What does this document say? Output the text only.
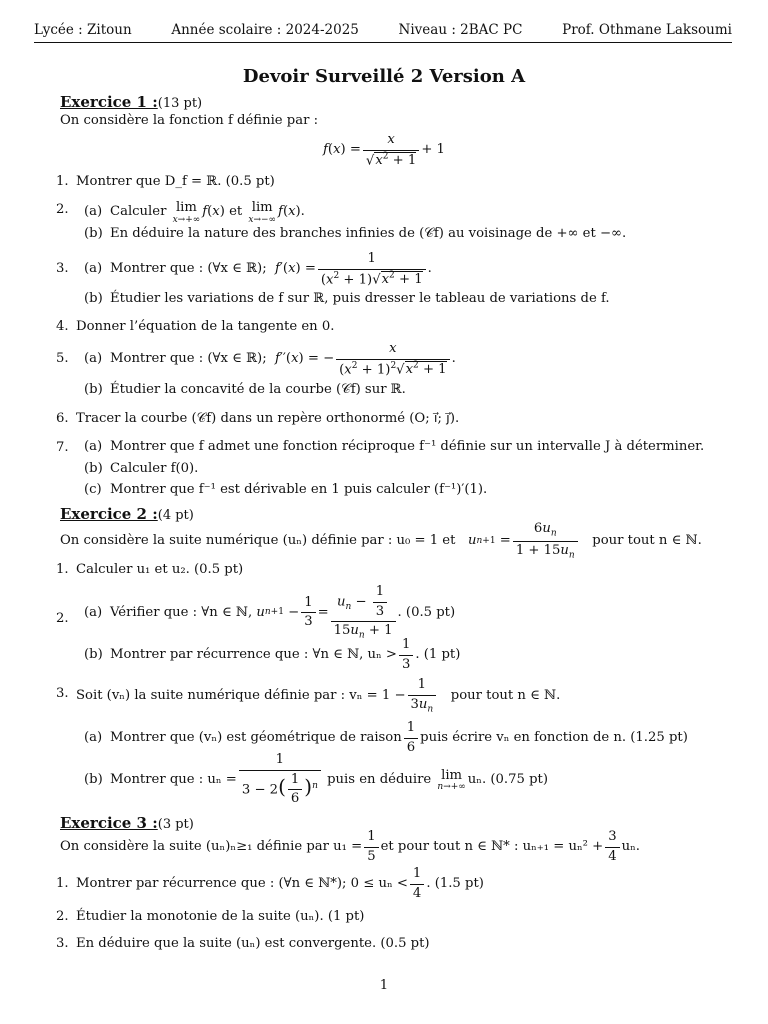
Lycée : Zitoun	Année scolaire : 2024-2025	Niveau : 2BAC PC	Prof. Othmane Laksoumi
Devoir Surveillé 2 Version A
Exercice 1 :(13 pt)
On considère la fonction f définie par :
f ( x ) = $\frac{x}{√x^2 + 1} + 1$
1. Montrer que D_f = ℝ. (0.5 pt)
2.	(a) Calculer
lim
x→+∞
f ( x ) et
lim
x→−∞
f ( x ).
(b) En déduire la nature des branches infinies de (𝒞f) au voisinage de +∞ et −∞.
3.	(a) Montrer que : (∀x ∈ ℝ);
f ′( x ) = $\frac{1}{(x^2 + 1)√x^2 + 1}$ .
(b) Étudier les variations de f sur ℝ, puis dresser le tableau de variations de f.
4. Donner l’équation de la tangente en 0.
5.	(a) Montrer que : (∀x ∈ ℝ);
f ′′( x ) = − $\frac{x}{(x^2 + 1)^2√x^2 + 1}$ .
(b) Étudier la concavité de la courbe (𝒞f) sur ℝ.
6. Tracer la courbe (𝒞f) dans un repère orthonormé (O; i⃗; j⃗).
7.	(a) Montrer que f admet une fonction réciproque f⁻¹ définie sur un intervalle J à déterminer.
(b) Calculer f(0).
(c) Montrer que f⁻¹ est dérivable en 1 puis calculer (f⁻¹)′(1).
Exercice 2 :(4 pt)
On considère la suite numérique (uₙ) définie par : u₀ = 1 et
u $n +1 = \frac{6u_n}{1 + 15u_n}$
pour tout n ∈ ℕ.
1. Calculer u₁ et u₂. (0.5 pt)
2.	(a) Vérifier que : ∀n ∈ ℕ,
u $n +1 - \frac{1}{3} = \frac{u_n - \frac{1}{3}}{15u_n + 1}$ . (0.5 pt)
(b) Montrer par récurrence que : ∀n ∈ ℕ, $u_n > \frac{1}{3}$ . (1 pt)
3. Soit (vₙ) la suite numérique définie par : $v_n = 1 - \frac{1}{3u_n}$
pour tout n ∈ ℕ.
(a) Montrer que (vₙ) est géométrique de raison $\frac{1}{6}$ puis écrire vₙ en fonction de n. (1.25 pt)
(b) Montrer que : $u_n = \frac{1}{3 - 2( \frac{1}{6} )^n}$
puis en déduire
lim
n→+∞
uₙ. (0.75 pt)
Exercice 3 :(3 pt)
On considère la suite (uₙ)ₙ≥₁ définie par $u_1 = \frac{1}{5}$ et pour tout n ∈ ℕ* : $u_{n+1} = u_n^2 + \frac{3}{4} u_n$.
1. Montrer par récurrence que : (∀n ∈ ℕ*); $0 \le u_n < \frac{1}{4}$ . (1.5 pt)
2. Étudier la monotonie de la suite (uₙ). (1 pt)
3. En déduire que la suite (uₙ) est convergente. (0.5 pt)
1
